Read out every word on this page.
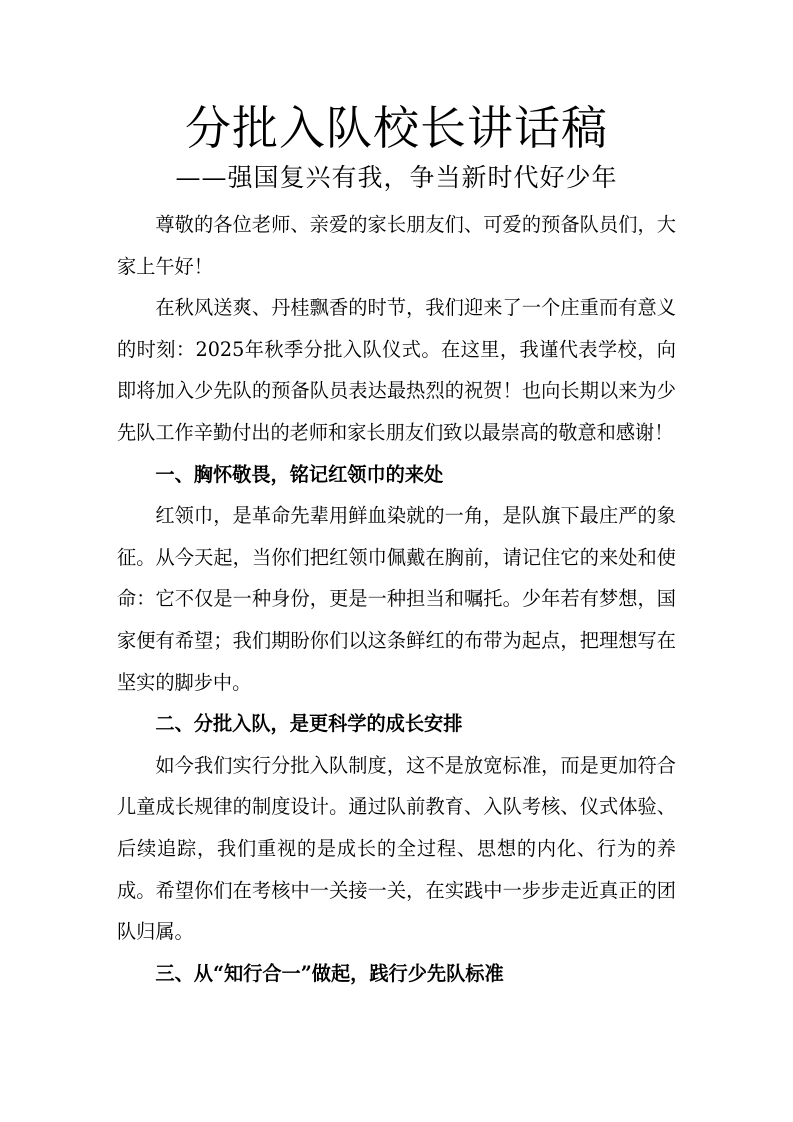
分批入队校长讲话稿
——强国复兴有我，争当新时代好少年

尊敬的各位老师、亲爱的家长朋友们、可爱的预备队员们，大家上午好！

在秋风送爽、丹桂飘香的时节，我们迎来了一个庄重而有意义的时刻：2025年秋季分批入队仪式。在这里，我谨代表学校，向即将加入少先队的预备队员表达最热烈的祝贺！也向长期以来为少先队工作辛勤付出的老师和家长朋友们致以最崇高的敬意和感谢！

一、胸怀敬畏，铭记红领巾的来处

红领巾，是革命先辈用鲜血染就的一角，是队旗下最庄严的象征。从今天起，当你们把红领巾佩戴在胸前，请记住它的来处和使命：它不仅是一种身份，更是一种担当和嘱托。少年若有梦想，国家便有希望；我们期盼你们以这条鲜红的布带为起点，把理想写在坚实的脚步中。

二、分批入队，是更科学的成长安排

如今我们实行分批入队制度，这不是放宽标准，而是更加符合儿童成长规律的制度设计。通过队前教育、入队考核、仪式体验、后续追踪，我们重视的是成长的全过程、思想的内化、行为的养成。希望你们在考核中一关接一关，在实践中一步步走近真正的团队归属。

三、从“知行合一”做起，践行少先队标准
